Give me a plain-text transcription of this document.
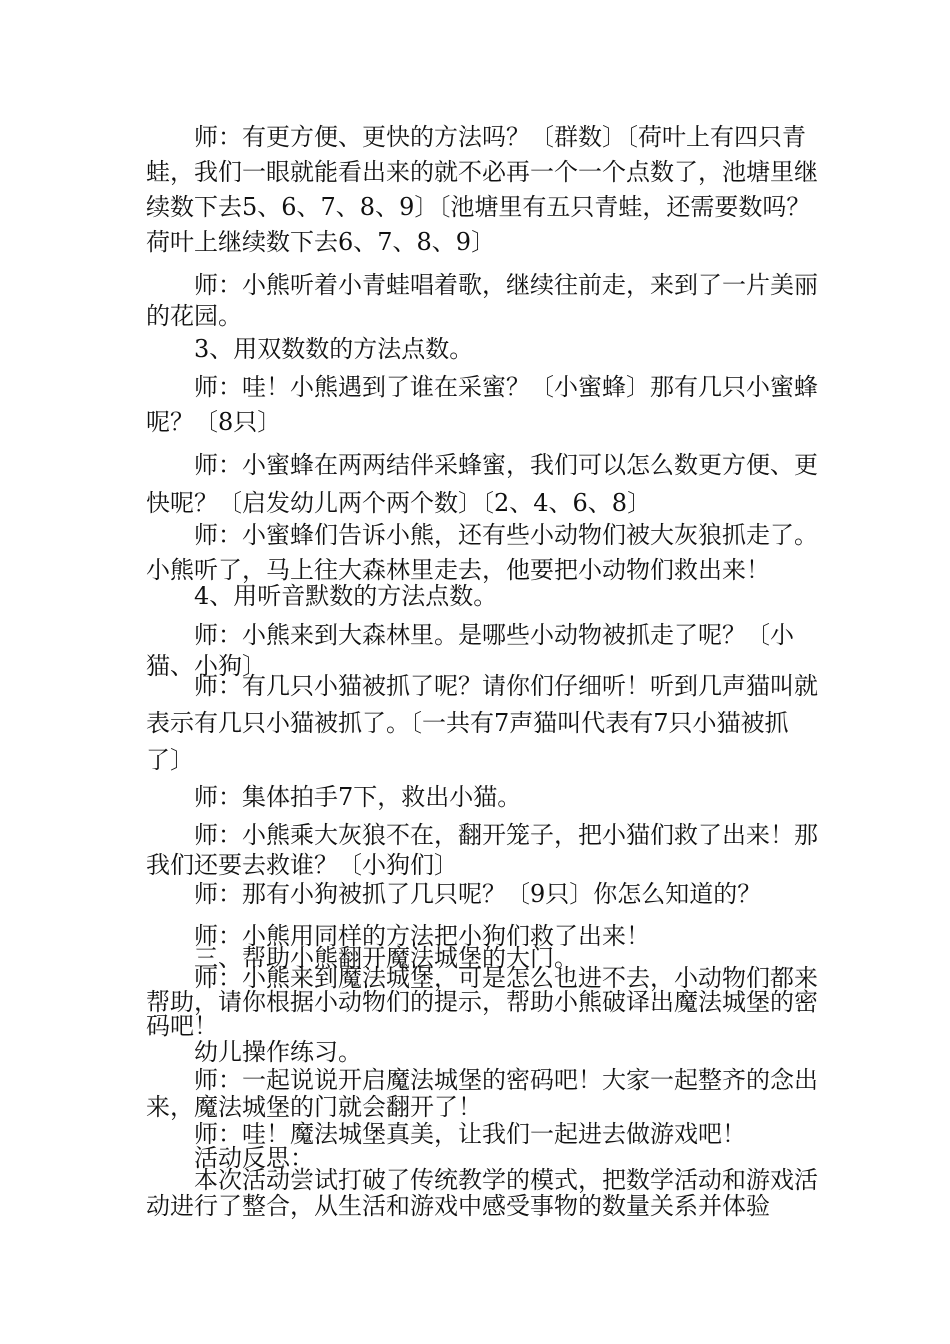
师：有更方便、更快的方法吗？〔群数〕〔荷叶上有四只青蛙，我们一眼就能看出来的就不必再一个一个点数了，池塘里继续数下去5、6、7、8、9〕〔池塘里有五只青蛙，还需要数吗？荷叶上继续数下去6、7、8、9〕

师：小熊听着小青蛙唱着歌，继续往前走，来到了一片美丽的花园。

3、用双数数的方法点数。

师：哇！小熊遇到了谁在采蜜？〔小蜜蜂〕那有几只小蜜蜂呢？〔8只〕

师：小蜜蜂在两两结伴采蜂蜜，我们可以怎么数更方便、更快呢？〔启发幼儿两个两个数〕〔2、4、6、8〕

师：小蜜蜂们告诉小熊，还有些小动物们被大灰狼抓走了。小熊听了，马上往大森林里走去，他要把小动物们救出来！

4、用听音默数的方法点数。

师：小熊来到大森林里。是哪些小动物被抓走了呢？〔小猫、小狗〕

师：有几只小猫被抓了呢？请你们仔细听！听到几声猫叫就表示有几只小猫被抓了。〔一共有7声猫叫代表有7只小猫被抓了〕

师：集体拍手7下，救出小猫。

师：小熊乘大灰狼不在，翻开笼子，把小猫们救了出来！那我们还要去救谁？〔小狗们〕

师：那有小狗被抓了几只呢？〔9只〕你怎么知道的？

师：小熊用同样的方法把小狗们救了出来！

三、帮助小熊翻开魔法城堡的大门。

师：小熊来到魔法城堡，可是怎么也进不去，小动物们都来帮助，请你根据小动物们的提示，帮助小熊破译出魔法城堡的密码吧！

幼儿操作练习。

师：一起说说开启魔法城堡的密码吧！大家一起整齐的念出来，魔法城堡的门就会翻开了！

师：哇！魔法城堡真美，让我们一起进去做游戏吧！

活动反思：

本次活动尝试打破了传统教学的模式，把数学活动和游戏活动进行了整合，从生活和游戏中感受事物的数量关系并体验
